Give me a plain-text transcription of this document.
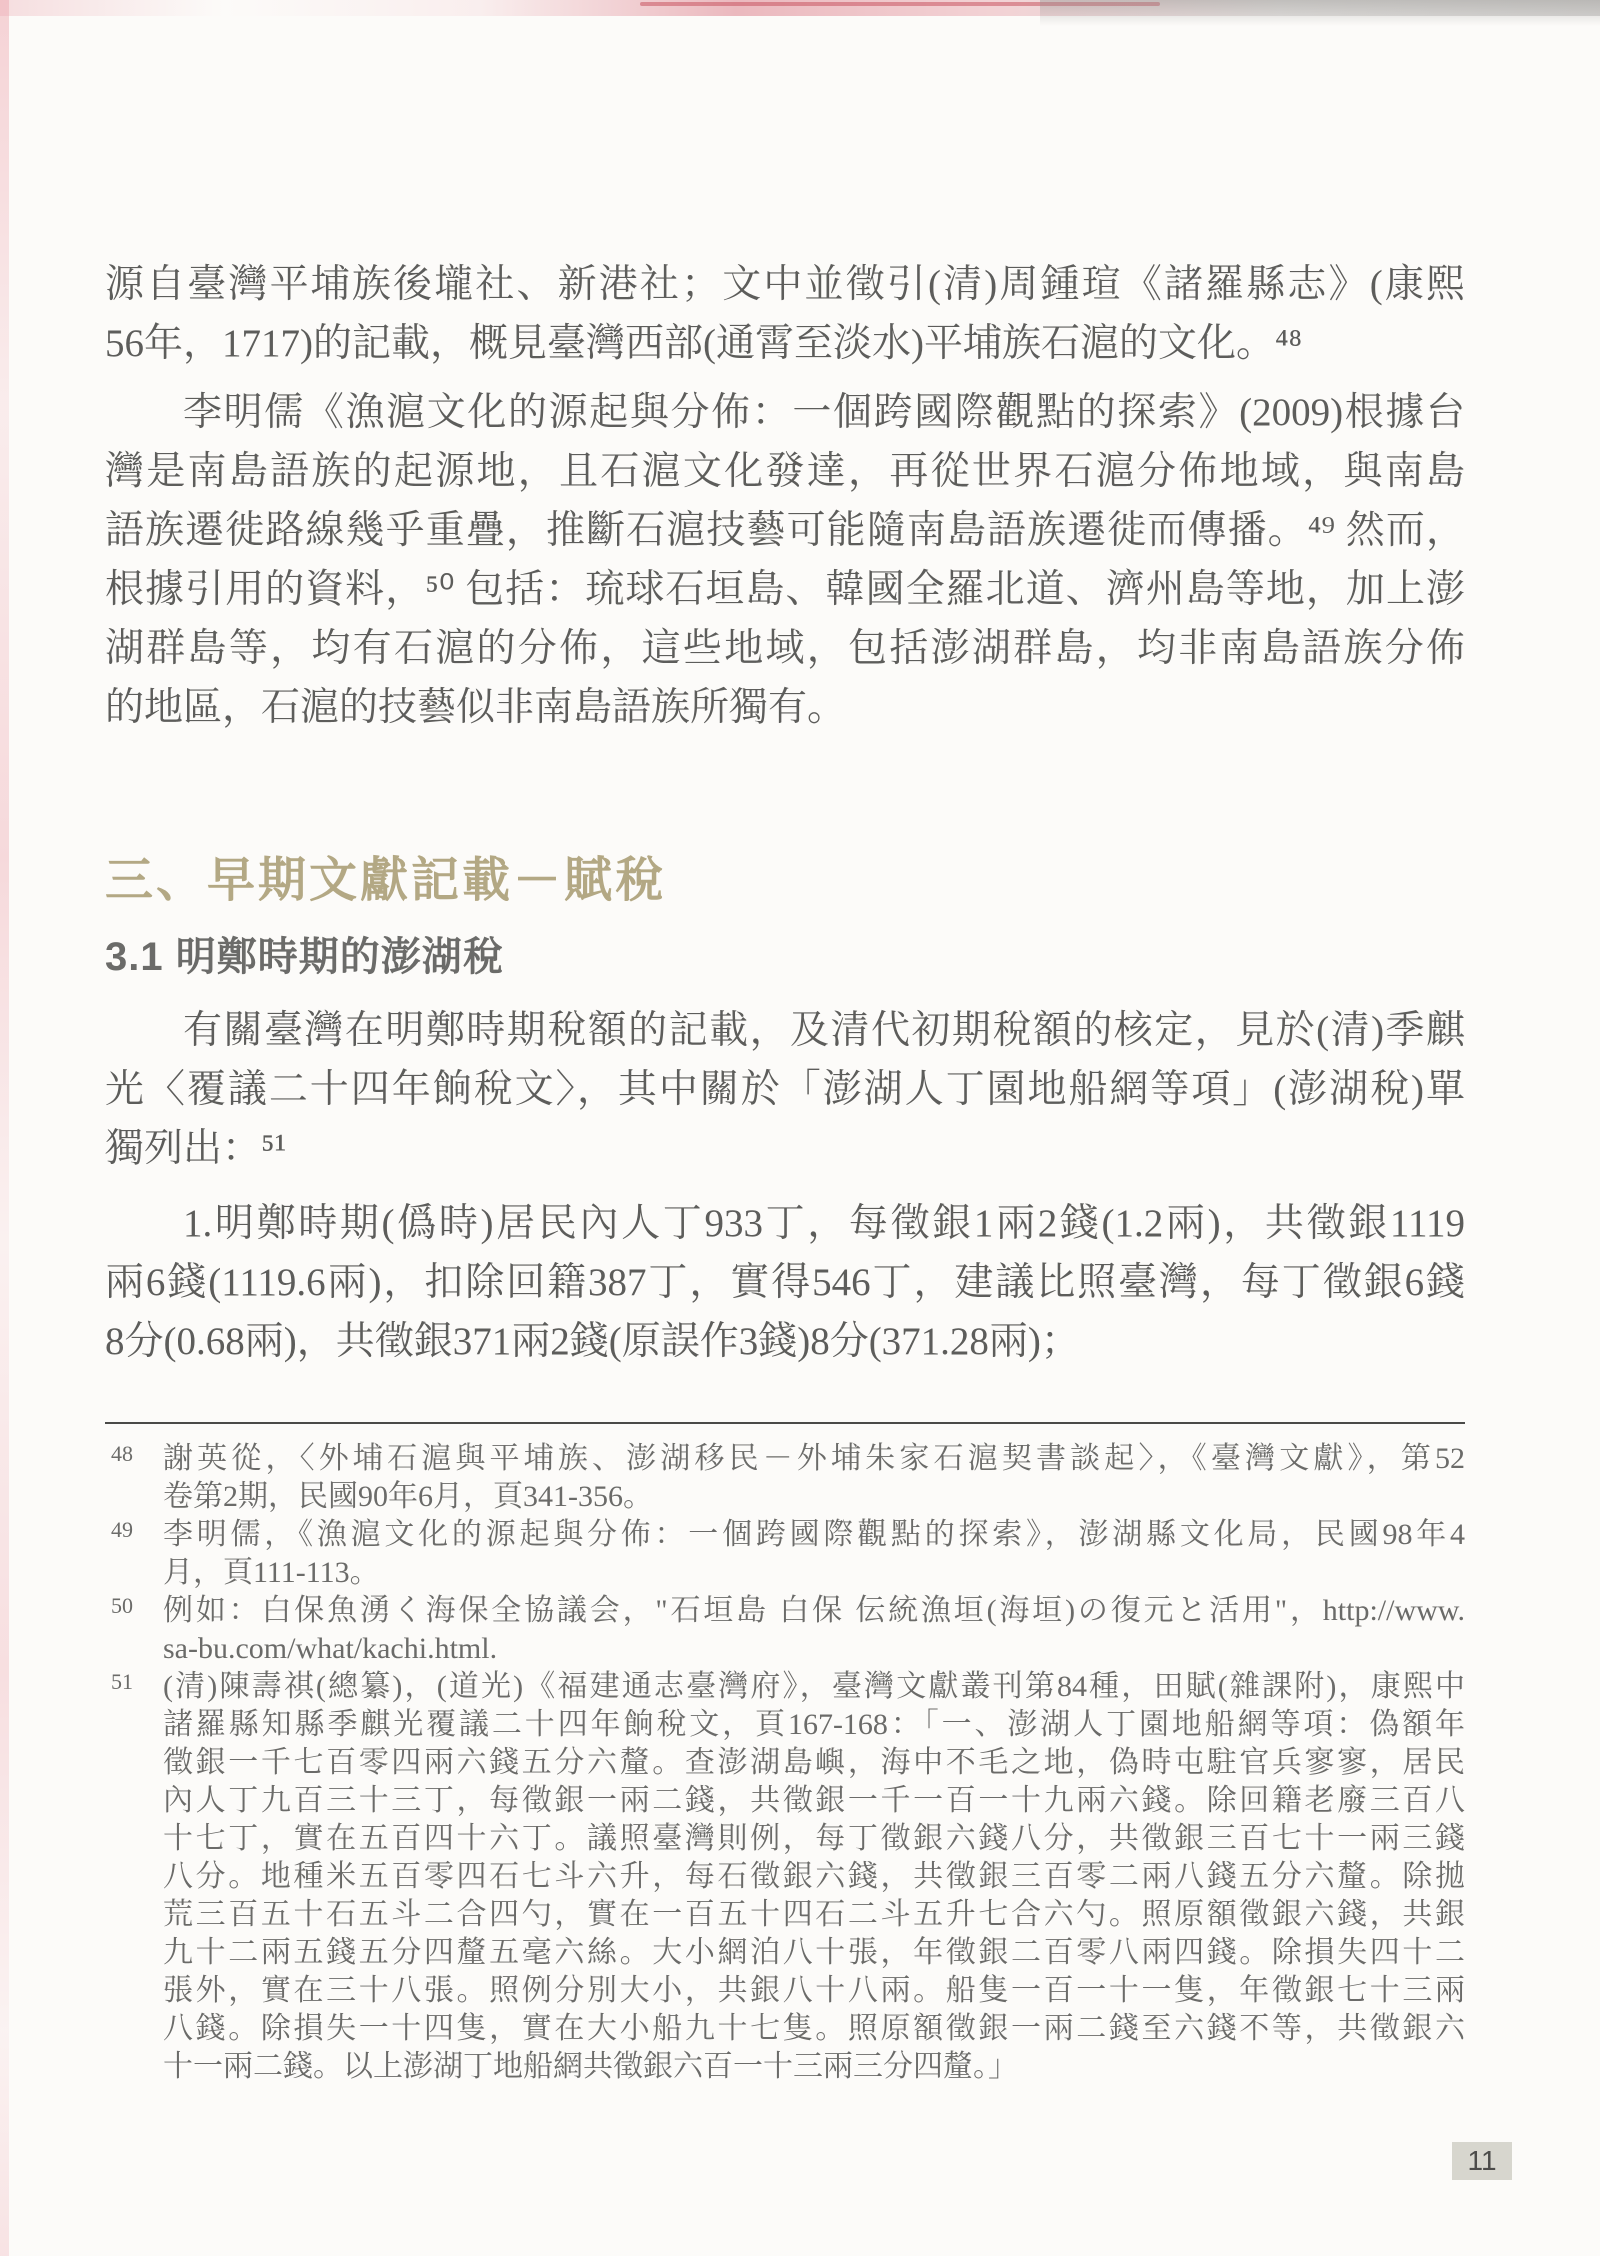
源自臺灣平埔族後壠社、新港社；文中並徵引(清)周鍾瑄《諸羅縣志》(康熙
56年，1717)的記載，概見臺灣西部(通霄至淡水)平埔族石滬的文化。⁴⁸
李明儒《漁滬文化的源起與分佈：一個跨國際觀點的探索》(2009)根據台
灣是南島語族的起源地，且石滬文化發達，再從世界石滬分佈地域，與南島
語族遷徙路線幾乎重疊，推斷石滬技藝可能隨南島語族遷徙而傳播。⁴⁹ 然而，
根據引用的資料，⁵⁰ 包括：琉球石垣島、韓國全羅北道、濟州島等地，加上澎
湖群島等，均有石滬的分佈，這些地域，包括澎湖群島，均非南島語族分佈
的地區，石滬的技藝似非南島語族所獨有。
三、早期文獻記載－賦稅
3.1 明鄭時期的澎湖稅
有關臺灣在明鄭時期稅額的記載，及清代初期稅額的核定，見於(清)季麒
光〈覆議二十四年餉稅文〉，其中關於「澎湖人丁園地船網等項」(澎湖稅)單
獨列出：⁵¹
1.明鄭時期(僞時)居民內人丁933丁，每徵銀1兩2錢(1.2兩)，共徵銀1119
兩6錢(1119.6兩)，扣除回籍387丁，實得546丁，建議比照臺灣，每丁徵銀6錢
8分(0.68兩)，共徵銀371兩2錢(原誤作3錢)8分(371.28兩)；
48	謝英從，〈外埔石滬與平埔族、澎湖移民－外埔朱家石滬契書談起〉，《臺灣文獻》，第52
卷第2期，民國90年6月，頁341-356。
49	李明儒，《漁滬文化的源起與分佈：一個跨國際觀點的探索》，澎湖縣文化局，民國98年4
月，頁111-113。
50	例如：白保魚湧く海保全協議会，"石垣島 白保 伝統漁垣(海垣)の復元と活用"，http://www.
sa-bu.com/what/kachi.html.
51	(清)陳壽祺(總纂)，(道光)《福建通志臺灣府》，臺灣文獻叢刊第84種，田賦(雜課附)，康熙中
諸羅縣知縣季麒光覆議二十四年餉稅文，頁167-168：「一、澎湖人丁園地船網等項：偽額年
徵銀一千七百零四兩六錢五分六釐。查澎湖島嶼，海中不毛之地，偽時屯駐官兵寥寥，居民
內人丁九百三十三丁，每徵銀一兩二錢，共徵銀一千一百一十九兩六錢。除回籍老廢三百八
十七丁，實在五百四十六丁。議照臺灣則例，每丁徵銀六錢八分，共徵銀三百七十一兩三錢
八分。地種米五百零四石七斗六升，每石徵銀六錢，共徵銀三百零二兩八錢五分六釐。除拋
荒三百五十石五斗二合四勺，實在一百五十四石二斗五升七合六勺。照原額徵銀六錢，共銀
九十二兩五錢五分四釐五毫六絲。大小網泊八十張，年徵銀二百零八兩四錢。除損失四十二
張外，實在三十八張。照例分別大小，共銀八十八兩。船隻一百一十一隻，年徵銀七十三兩
八錢。除損失一十四隻，實在大小船九十七隻。照原額徵銀一兩二錢至六錢不等，共徵銀六
十一兩二錢。以上澎湖丁地船網共徵銀六百一十三兩三分四釐。」
11
